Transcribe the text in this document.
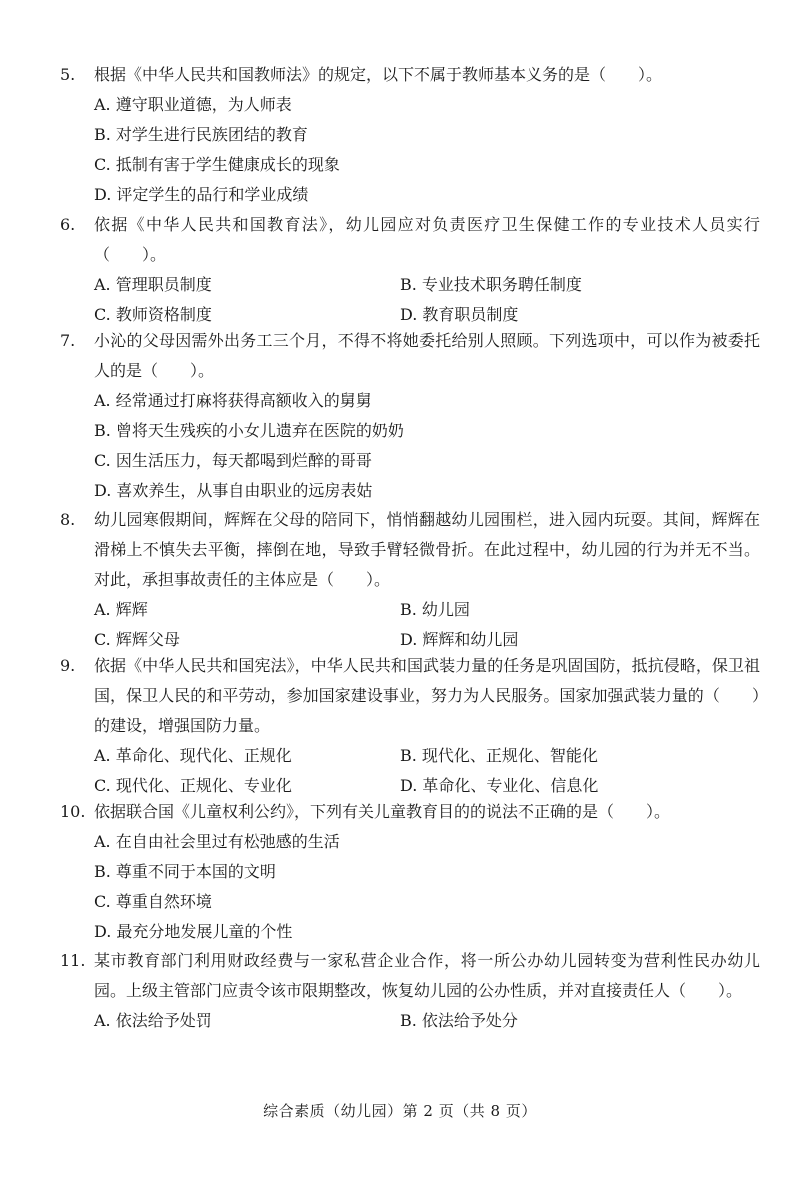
5.	根据《中华人民共和国教师法》的规定，以下不属于教师基本义务的是（　　）。
A. 遵守职业道德，为人师表
B. 对学生进行民族团结的教育
C. 抵制有害于学生健康成长的现象
D. 评定学生的品行和学业成绩
6.	依据《中华人民共和国教育法》，幼儿园应对负责医疗卫生保健工作的专业技术人员实行（　　）。
A. 管理职员制度	B. 专业技术职务聘任制度
C. 教师资格制度	D. 教育职员制度
7.	小沁的父母因需外出务工三个月，不得不将她委托给别人照顾。下列选项中，可以作为被委托人的是（　　）。
A. 经常通过打麻将获得高额收入的舅舅
B. 曾将天生残疾的小女儿遗弃在医院的奶奶
C. 因生活压力，每天都喝到烂醉的哥哥
D. 喜欢养生，从事自由职业的远房表姑
8.	幼儿园寒假期间，辉辉在父母的陪同下，悄悄翻越幼儿园围栏，进入园内玩耍。其间，辉辉在滑梯上不慎失去平衡，摔倒在地，导致手臂轻微骨折。在此过程中，幼儿园的行为并无不当。对此，承担事故责任的主体应是（　　）。
A. 辉辉	B. 幼儿园
C. 辉辉父母	D. 辉辉和幼儿园
9.	依据《中华人民共和国宪法》，中华人民共和国武装力量的任务是巩固国防，抵抗侵略，保卫祖国，保卫人民的和平劳动，参加国家建设事业，努力为人民服务。国家加强武装力量的（　　）的建设，增强国防力量。
A. 革命化、现代化、正规化	B. 现代化、正规化、智能化
C. 现代化、正规化、专业化	D. 革命化、专业化、信息化
10. 依据联合国《儿童权利公约》，下列有关儿童教育目的的说法不正确的是（　　）。
A. 在自由社会里过有松弛感的生活
B. 尊重不同于本国的文明
C. 尊重自然环境
D. 最充分地发展儿童的个性
11. 某市教育部门利用财政经费与一家私营企业合作，将一所公办幼儿园转变为营利性民办幼儿园。上级主管部门应责令该市限期整改，恢复幼儿园的公办性质，并对直接责任人（　　）。
A. 依法给予处罚	B. 依法给予处分
综合素质（幼儿园）第 2 页（共 8 页）
